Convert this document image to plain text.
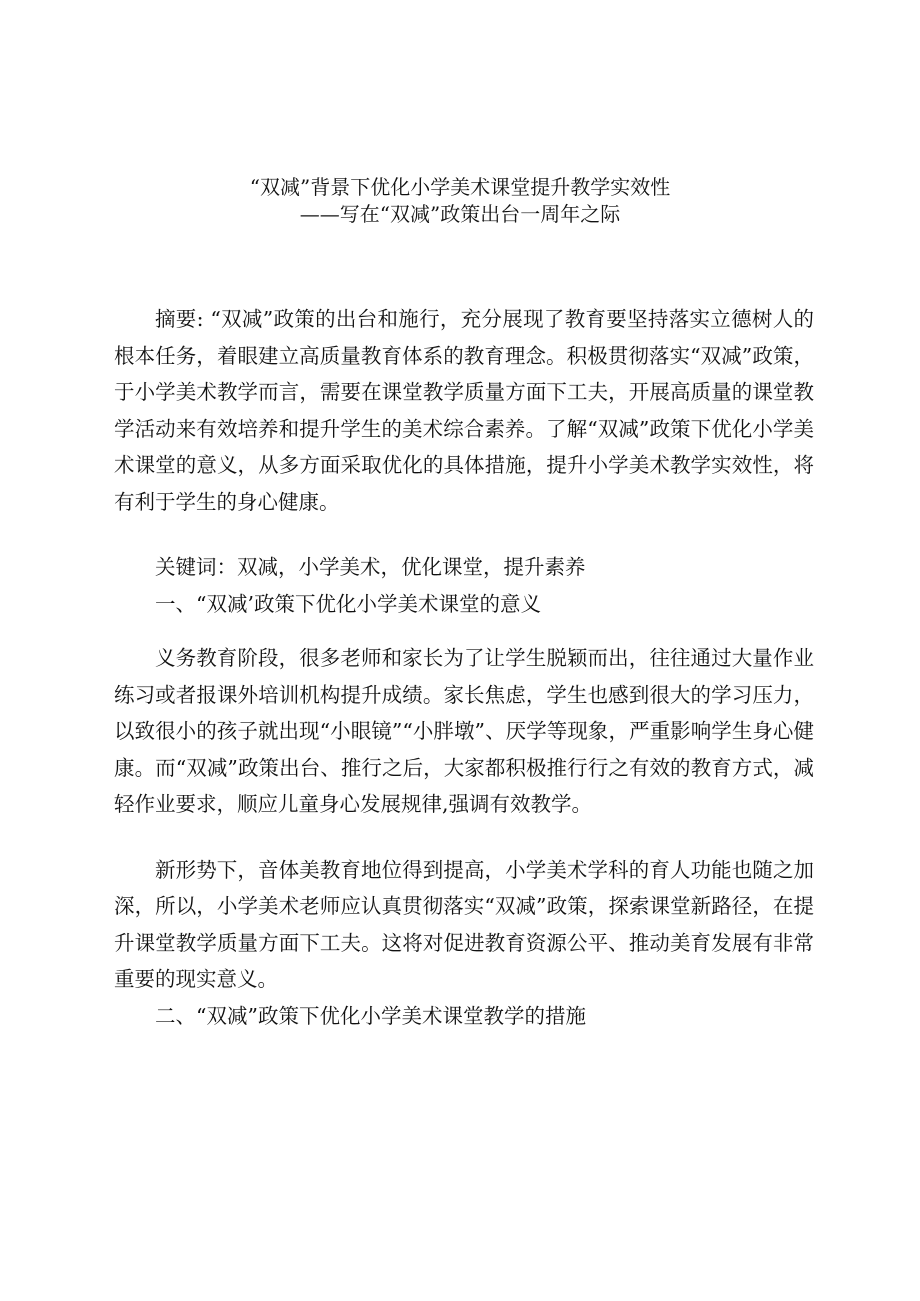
“双减”背景下优化小学美术课堂提升教学实效性
——写在“双减”政策出台一周年之际

摘要: “双减”政策的出台和施行，充分展现了教育要坚持落实立德树人的根本任务，着眼建立高质量教育体系的教育理念。积极贯彻落实“双减”政策，于小学美术教学而言，需要在课堂教学质量方面下工夫，开展高质量的课堂教学活动来有效培养和提升学生的美术综合素养。了解“双减”政策下优化小学美术课堂的意义，从多方面采取优化的具体措施，提升小学美术教学实效性，将有利于学生的身心健康。

关键词：双减，小学美术，优化课堂，提升素养

一、“双减’政策下优化小学美术课堂的意义

义务教育阶段，很多老师和家长为了让学生脱颖而出，往往通过大量作业练习或者报课外培训机构提升成绩。家长焦虑，学生也感到很大的学习压力，以致很小的孩子就出现“小眼镜”“小胖墩”、厌学等现象，严重影响学生身心健康。而“双减”政策出台、推行之后，大家都积极推行行之有效的教育方式，减轻作业要求，顺应儿童身心发展规律,强调有效教学。

新形势下，音体美教育地位得到提高，小学美术学科的育人功能也随之加深，所以，小学美术老师应认真贯彻落实“双减”政策，探索课堂新路径，在提升课堂教学质量方面下工夫。这将对促进教育资源公平、推动美育发展有非常重要的现实意义。

二、“双减”政策下优化小学美术课堂教学的措施
